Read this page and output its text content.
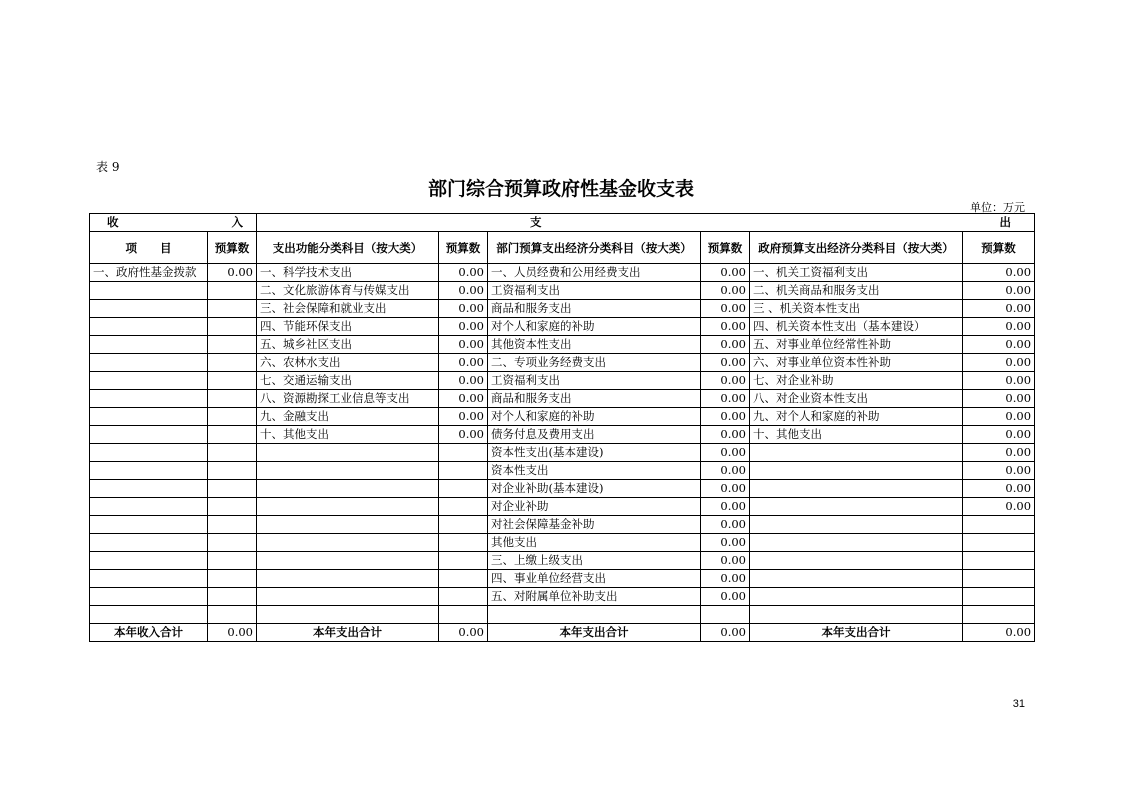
表 9
部门综合预算政府性基金收支表
单位：万元
收 入		支 出					

项　　目	预算数	支出功能分类科目（按大类）	预算数	部门预算支出经济分类科目（按大类）	预算数	政府预算支出经济分类科目（按大类）	预算数
一、政府性基金拨款	0.00	一、科学技术支出	0.00	一、人员经费和公用经费支出	0.00	一、机关工资福利支出	0.00
		二、文化旅游体育与传媒支出	0.00	工资福利支出	0.00	二、机关商品和服务支出	0.00
		三、社会保障和就业支出	0.00	商品和服务支出	0.00	三 、机关资本性支出	0.00
		四、节能环保支出	0.00	对个人和家庭的补助	0.00	四、机关资本性支出（基本建设）	0.00
		五、城乡社区支出	0.00	其他资本性支出	0.00	五、对事业单位经常性补助	0.00
		六、农林水支出	0.00	二、专项业务经费支出	0.00	六、对事业单位资本性补助	0.00
		七、交通运输支出	0.00	工资福利支出	0.00	七、对企业补助	0.00
		八、资源勘探工业信息等支出	0.00	商品和服务支出	0.00	八、对企业资本性支出	0.00
		九、金融支出	0.00	对个人和家庭的补助	0.00	九、对个人和家庭的补助	0.00
		十、其他支出	0.00	债务付息及费用支出	0.00	十、其他支出	0.00
				资本性支出(基本建设)	0.00		0.00
				资本性支出	0.00		0.00
				对企业补助(基本建设)	0.00		0.00
				对企业补助	0.00		0.00
				对社会保障基金补助	0.00		
				其他支出	0.00		
				三、上缴上级支出	0.00		
				四、事业单位经营支出	0.00		
				五、对附属单位补助支出	0.00		

本年收入合计	0.00	本年支出合计	0.00	本年支出合计	0.00	本年支出合计	0.00
31
